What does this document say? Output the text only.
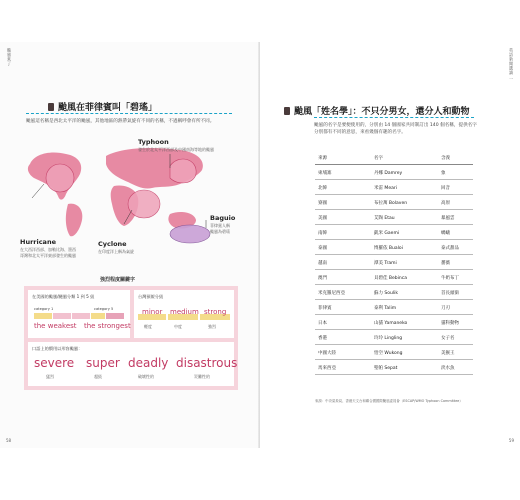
颱風來了
颱風在菲律賓叫「碧瑤」
颱風這名稱是西北太平洋的颱風，其他地區的熱帶氣旋有不同的名稱，不過稱呼會有所不同。
Typhoon
發生於北太平洋西部及中國南海等地的颱風
Baguio
菲律賓人稱
颱風為碧瑤
Hurricane
在大西洋西部、加勒比海、墨西
哥灣和北太平洋東部發生的颱風
Cyclone
在印度洋上稱為氣旋
強烈程度關鍵字
在美國的颱風/颶風分類 1 到 5 級
category 1	category 5
the weakest the strongest
台灣預報分級
minor medium strong
輕度	中度	強烈
口語上的慣用以形容颱風：
severe super deadly disastrous
猛烈	超級	破壞性的	災難性的
58
英語新聞選讀 一
颱風「姓名學」：不只分男女，還分人和動物
颱風的名字是要便使用的，分別由 14 個國家共同制訂出 140 個名稱，提供名字分別都有不同的意思，來看幾個有趣的名字。
59
來源	名字	含義
柬埔寨	丹娜 Damrey	象
北韓	米雷 Meari	回音
寮國	布拉萬 Bolaven	高原
美國	艾陶 Etau	暴風雲
南韓	凱米 Gaemi	螞蟻
泰國	博羅依 Bualoi	泰式甜品
越南	潭美 Trami	薔薇
澳門	貝碧佳 Bebinca	牛奶布丁
米克羅尼西亞	蘇力 Soulik	首長頭銜
菲律賓	泰利 Talim	刀刃
日本	山貓 Yamaneko	貓科動物
香港	玲玲 Lingling	女子名
中國大陸	悟空 Wukong	美猴王
馬來西亞	聖帕 Sepat	淡水魚
來源：中央氣象局、香港天文台和聯合國國際颱風委員會（ESCAP/WMO Typhoon Committee）
